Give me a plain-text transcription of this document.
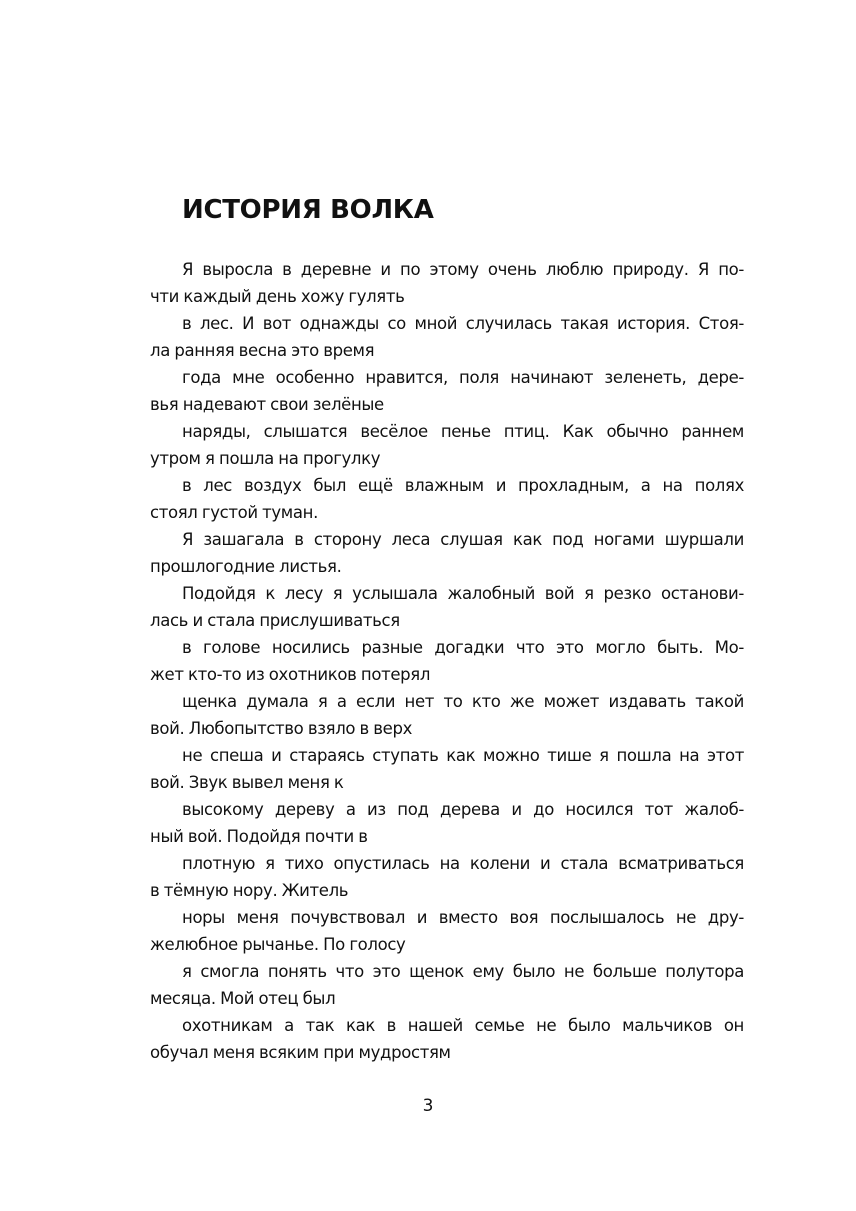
ИСТОРИЯ ВОЛКА

Я выросла в деревне и по этому очень люблю природу. Я по-
чти каждый день хожу гулять

в лес. И вот однажды со мной случилась такая история. Стоя-
ла ранняя весна это время

года мне особенно нравится, поля начинают зеленеть, дере-
вья надевают свои зелёные

наряды, слышатся весёлое пенье птиц. Как обычно раннем
утром я пошла на прогулку

в лес воздух был ещё влажным и прохладным, а на полях
стоял густой туман.

Я зашагала в сторону леса слушая как под ногами шуршали
прошлогодние листья.

Подойдя к лесу я услышала жалобный вой я резко останови-
лась и стала прислушиваться

в голове носились разные догадки что это могло быть. Мо-
жет кто-то из охотников потерял

щенка думала я а если нет то кто же может издавать такой
вой. Любопытство взяло в верх

не спеша и стараясь ступать как можно тише я пошла на этот
вой. Звук вывел меня к

высокому дереву а из под дерева и до носился тот жалоб-
ный вой. Подойдя почти в

плотную я тихо опустилась на колени и стала всматриваться
в тёмную нору. Житель

норы меня почувствовал и вместо воя послышалось не дру-
желюбное рычанье. По голосу

я смогла понять что это щенок ему было не больше полутора
месяца. Мой отец был

охотникам а так как в нашей семье не было мальчиков он
обучал меня всяким при мудростям

3
